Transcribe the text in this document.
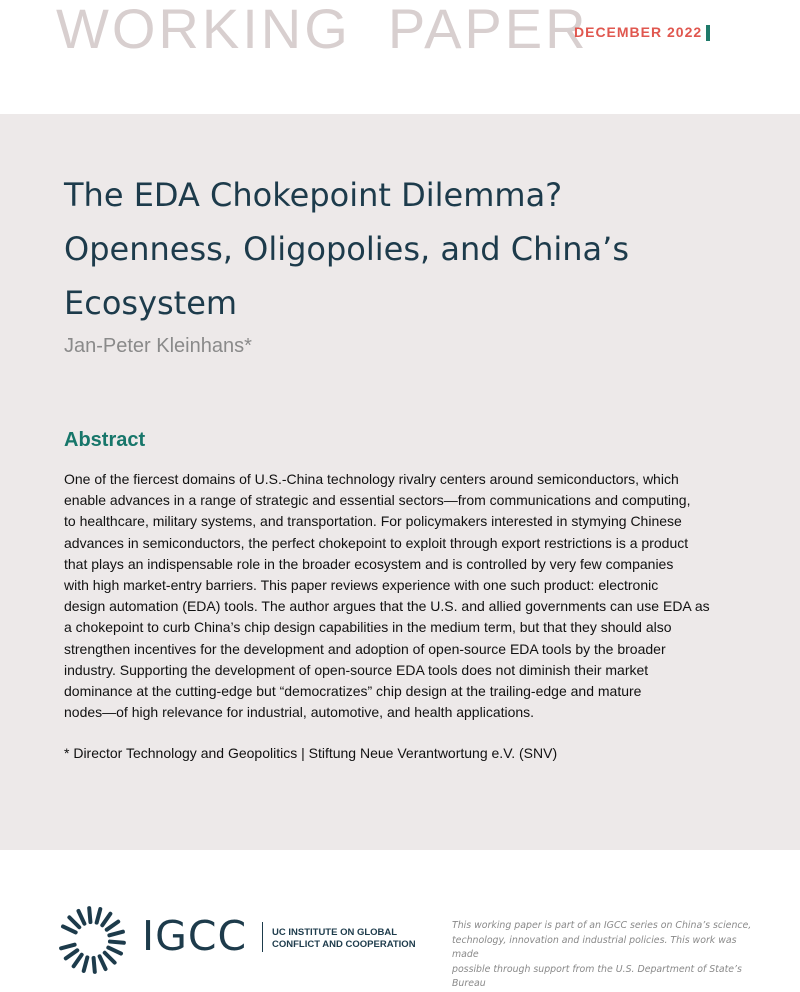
WORKING  PAPER
DECEMBER 2022
The EDA Chokepoint Dilemma?
Openness, Oligopolies, and China’s
Ecosystem
Jan-Peter Kleinhans*
Abstract
One of the fiercest domains of U.S.-China technology rivalry centers around semiconductors, which
enable advances in a range of strategic and essential sectors—from communications and computing,
to healthcare, military systems, and transportation. For policymakers interested in stymying Chinese
advances in semiconductors, the perfect chokepoint to exploit through export restrictions is a product
that plays an indispensable role in the broader ecosystem and is controlled by very few companies
with high market-entry barriers. This paper reviews experience with one such product: electronic
design automation (EDA) tools. The author argues that the U.S. and allied governments can use EDA as
a chokepoint to curb China’s chip design capabilities in the medium term, but that they should also
strengthen incentives for the development and adoption of open-source EDA tools by the broader
industry. Supporting the development of open-source EDA tools does not diminish their market
dominance at the cutting-edge but “democratizes” chip design at the trailing-edge and mature
nodes—of high relevance for industrial, automotive, and health applications.
* Director Technology and Geopolitics | Stiftung Neue Verantwortung e.V. (SNV)
IGCC	UC INSTITUTE ON GLOBAL
CONFLICT AND COOPERATION
This working paper is part of an IGCC series on China’s science,
technology, innovation and industrial policies. This work was made
possible through support from the U.S. Department of State’s Bureau
